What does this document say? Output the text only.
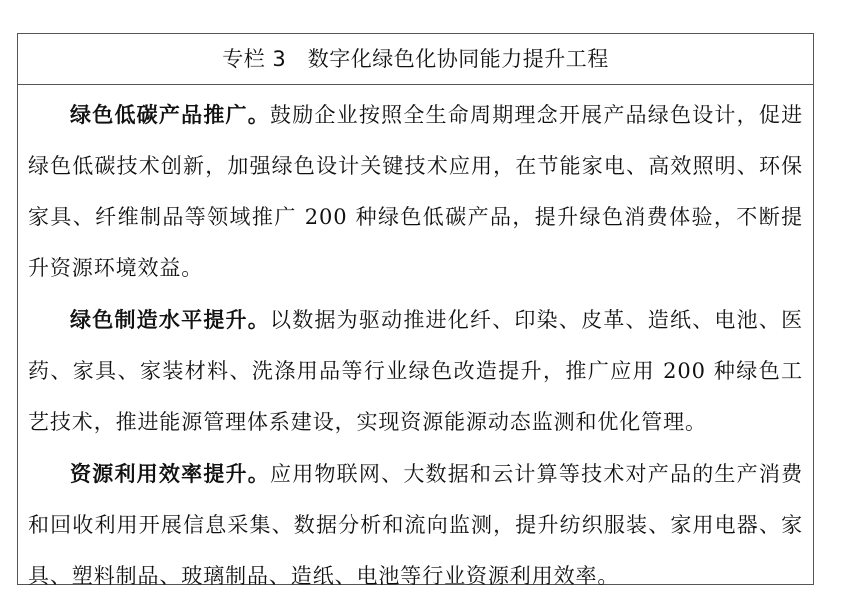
专栏 3　数字化绿色化协同能力提升工程

绿色低碳产品推广。鼓励企业按照全生命周期理念开展产品绿色设计，促进绿色低碳技术创新，加强绿色设计关键技术应用，在节能家电、高效照明、环保家具、纤维制品等领域推广 200 种绿色低碳产品，提升绿色消费体验，不断提升资源环境效益。

绿色制造水平提升。以数据为驱动推进化纤、印染、皮革、造纸、电池、医药、家具、家装材料、洗涤用品等行业绿色改造提升，推广应用 200 种绿色工艺技术，推进能源管理体系建设，实现资源能源动态监测和优化管理。

资源利用效率提升。应用物联网、大数据和云计算等技术对产品的生产消费和回收利用开展信息采集、数据分析和流向监测，提升纺织服装、家用电器、家具、塑料制品、玻璃制品、造纸、电池等行业资源利用效率。
